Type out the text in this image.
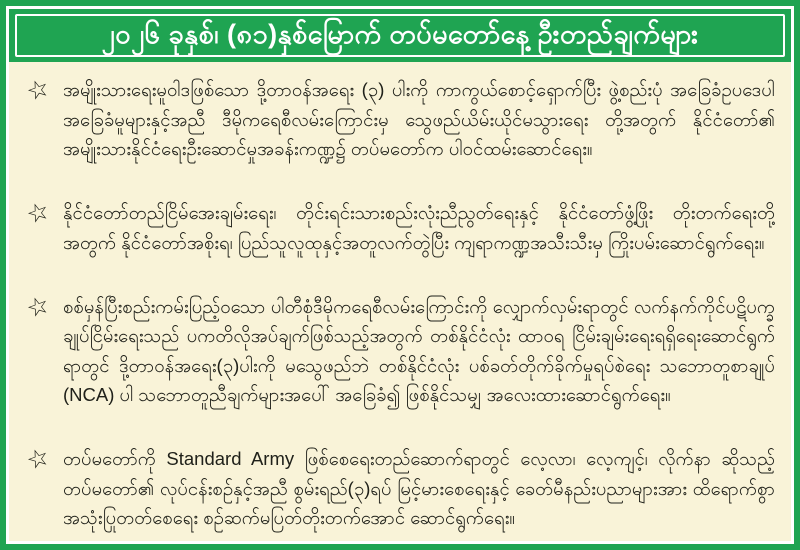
၂၀၂၆ ခုနှစ်၊ (၈၁)နှစ်မြောက် တပ်မတော်နေ့ ဦးတည်ချက်များ
☆ အမျိုးသားရေးမူဝါဒဖြစ်သော ဒို့တာဝန်အရေး (၃) ပါးကို ကာကွယ်စောင့်ရှောက်ပြီး ဖွဲ့စည်းပုံ အခြေခံဥပဒေပါ အခြေခံမူများနှင့်အညီ ဒီမိုကရေစီလမ်းကြောင်းမှ သွေဖည်ယိမ်းယိုင်မသွားရေး တို့အတွက် နိုင်ငံတော်၏ အမျိုးသားနိုင်ငံရေးဦးဆောင်မှုအခန်းကဏ္ဍ၌ တပ်မတော်က ပါဝင်ထမ်းဆောင်ရေး။

☆ နိုင်ငံတော်တည်ငြိမ်အေးချမ်းရေး၊ တိုင်းရင်းသားစည်းလုံးညီညွတ်ရေးနှင့် နိုင်ငံတော်ဖွံ့ဖြိုး တိုးတက်ရေးတို့အတွက် နိုင်ငံတော်အစိုးရ၊ ပြည်သူလူထုနှင့်အတူလက်တွဲပြီး ကျရာကဏ္ဍအသီးသီးမှ ကြိုးပမ်းဆောင်ရွက်ရေး။

☆ စစ်မှန်ပြီးစည်းကမ်းပြည့်ဝသော ပါတီစုံဒီမိုကရေစီလမ်းကြောင်းကို လျှောက်လှမ်းရာတွင် လက်နက်ကိုင်ပဋိပက္ခချုပ်ငြိမ်းရေးသည် ပကတိလိုအပ်ချက်ဖြစ်သည့်အတွက် တစ်နိုင်ငံလုံး ထာဝရ ငြိမ်းချမ်းရေးရရှိရေးဆောင်ရွက်ရာတွင် ဒို့တာဝန်အရေး(၃)ပါးကို မသွေဖည်ဘဲ တစ်နိုင်ငံလုံး ပစ်ခတ်တိုက်ခိုက်မှုရပ်စဲရေး သဘောတူစာချုပ် (NCA) ပါ သဘောတူညီချက်များအပေါ် အခြေခံ၍ ဖြစ်နိုင်သမျှ အလေးထားဆောင်ရွက်ရေး။

☆ တပ်မတော်ကို Standard Army ဖြစ်စေရေးတည်ဆောက်ရာတွင် လေ့လာ၊ လေ့ကျင့်၊ လိုက်နာ ဆိုသည့် တပ်မတော်၏ လုပ်ငန်းစဉ်နှင့်အညီ စွမ်းရည်(၃)ရပ် မြင့်မားစေရေးနှင့် ခေတ်မီနည်းပညာများအား ထိရောက်စွာအသုံးပြုတတ်စေရေး စဉ်ဆက်မပြတ်တိုးတက်အောင် ဆောင်ရွက်ရေး။
